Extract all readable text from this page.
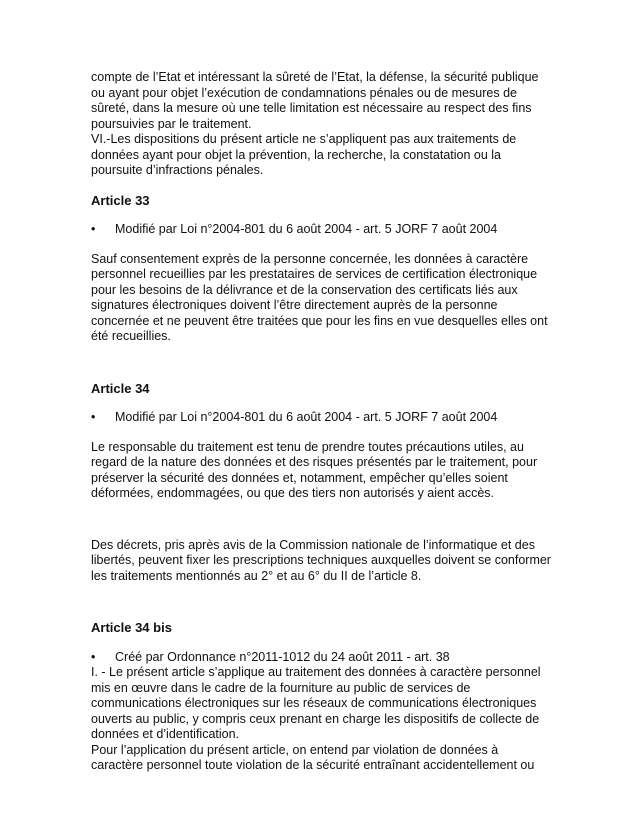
compte de l’Etat et intéressant la sûreté de l’Etat, la défense, la sécurité publique ou ayant pour objet l’exécution de condamnations pénales ou de mesures de sûreté, dans la mesure où une telle limitation est nécessaire au respect des fins poursuivies par le traitement.

VI.-Les dispositions du présent article ne s’appliquent pas aux traitements de données ayant pour objet la prévention, la recherche, la constatation ou la poursuite d’infractions pénales.

Article 33

•	Modifié par Loi n°2004-801 du 6 août 2004 - art. 5 JORF 7 août 2004

Sauf consentement exprès de la personne concernée, les données à caractère personnel recueillies par les prestataires de services de certification électronique pour les besoins de la délivrance et de la conservation des certificats liés aux signatures électroniques doivent l’être directement auprès de la personne concernée et ne peuvent être traitées que pour les fins en vue desquelles elles ont été recueillies.

Article 34

•	Modifié par Loi n°2004-801 du 6 août 2004 - art. 5 JORF 7 août 2004

Le responsable du traitement est tenu de prendre toutes précautions utiles, au regard de la nature des données et des risques présentés par le traitement, pour préserver la sécurité des données et, notamment, empêcher qu’elles soient déformées, endommagées, ou que des tiers non autorisés y aient accès.

Des décrets, pris après avis de la Commission nationale de l’informatique et des libertés, peuvent fixer les prescriptions techniques auxquelles doivent se conformer les traitements mentionnés au 2° et au 6° du II de l’article 8.

Article 34 bis

•	Créé par Ordonnance n°2011-1012 du 24 août 2011 - art. 38

I. - Le présent article s’applique au traitement des données à caractère personnel mis en œuvre dans le cadre de la fourniture au public de services de communications électroniques sur les réseaux de communications électroniques ouverts au public, y compris ceux prenant en charge les dispositifs de collecte de données et d’identification.

Pour l’application du présent article, on entend par violation de données à caractère personnel toute violation de la sécurité entraînant accidentellement ou
